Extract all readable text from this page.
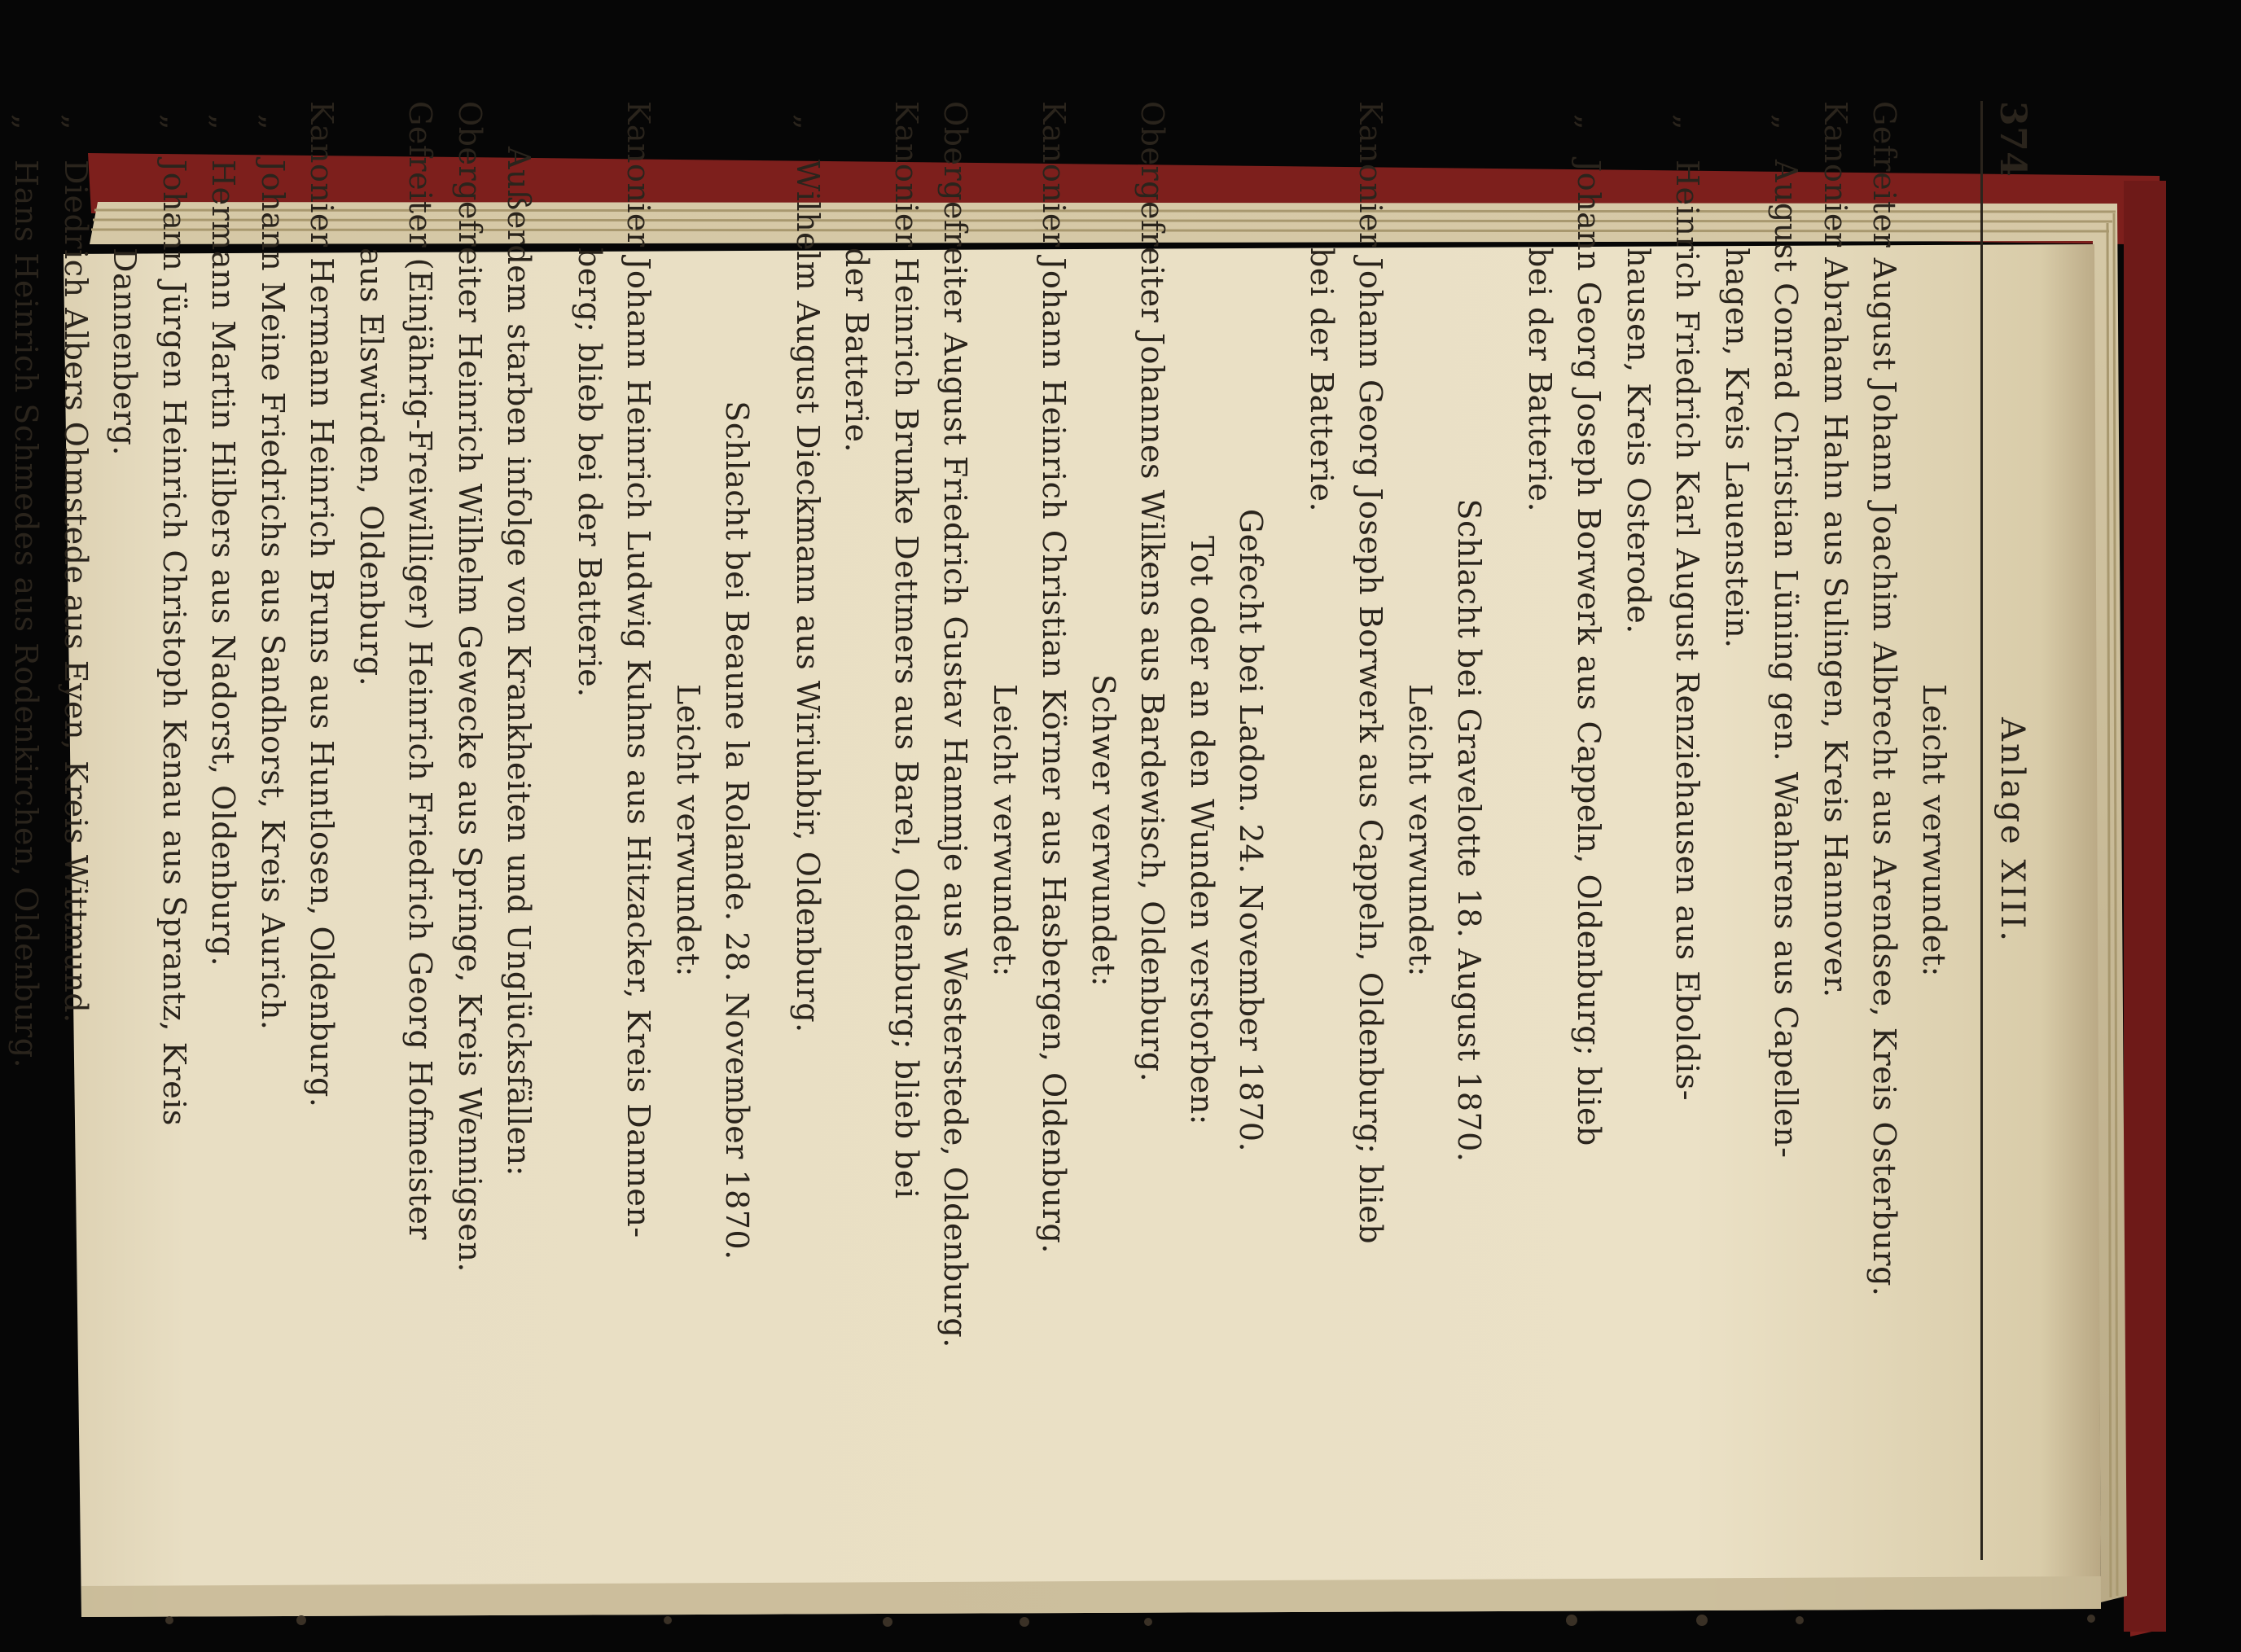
374
Anlage XIII.
Leicht verwundet:
Gefreiter August Johann Joachim Albrecht aus Arendsee, Kreis Osterburg.
Kanonier Abraham Hahn aus Sulingen, Kreis Hannover.
„August Conrad Christian Lüning gen. Waahrens aus Capellen-
hagen, Kreis Lauenstein.
„Heinrich Friedrich Karl August Renziehausen aus Eboldis-
hausen, Kreis Osterode.
„Johann Georg Joseph Borwerk aus Cappeln, Oldenburg; blieb
bei der Batterie.
Schlacht bei Gravelotte 18. August 1870.
Leicht verwundet:
Kanonier Johann Georg Joseph Borwerk aus Cappeln, Oldenburg; blieb
bei der Batterie.
Gefecht bei Ladon. 24. November 1870.
Tot oder an den Wunden verstorben:
Obergefreiter Johannes Wilkens aus Bardewisch, Oldenburg.
Schwer verwundet:
Kanonier Johann Heinrich Christian Körner aus Hasbergen, Oldenburg.
Leicht verwundet:
Obergefreiter August Friedrich Gustav Hammje aus Westerstede, Oldenburg.
Kanonier Heinrich Brunke Dettmers aus Barel, Oldenburg; blieb bei
der Batterie.
„Wilhelm August Dieckmann aus Wiriuhbir, Oldenburg.
Schlacht bei Beaune la Rolande. 28. November 1870.
Leicht verwundet:
Kanonier Johann Heinrich Ludwig Kuhns aus Hitzacker, Kreis Dannen-
berg; blieb bei der Batterie.
Außerdem starben infolge von Krankheiten und Unglücksfällen:
Obergefreiter Heinrich Wilhelm Gewecke aus Springe, Kreis Wennigsen.
Gefreiter (Einjährig-Freiwilliger) Heinrich Friedrich Georg Hofmeister
aus Elswürden, Oldenburg.
Kanonier Hermann Heinrich Bruns aus Huntlosen, Oldenburg.
„Johann Meine Friedrichs aus Sandhorst, Kreis Aurich.
„Hermann Martin Hilbers aus Nadorst, Oldenburg.
„Johann Jürgen Heinrich Christoph Kenau aus Sprantz, Kreis
Dannenberg.
„Diedrich Albers Ohmstede aus Eyen, Kreis Wittmund.
„Hans Heinrich Schmedes aus Rodenkirchen, Oldenburg.
